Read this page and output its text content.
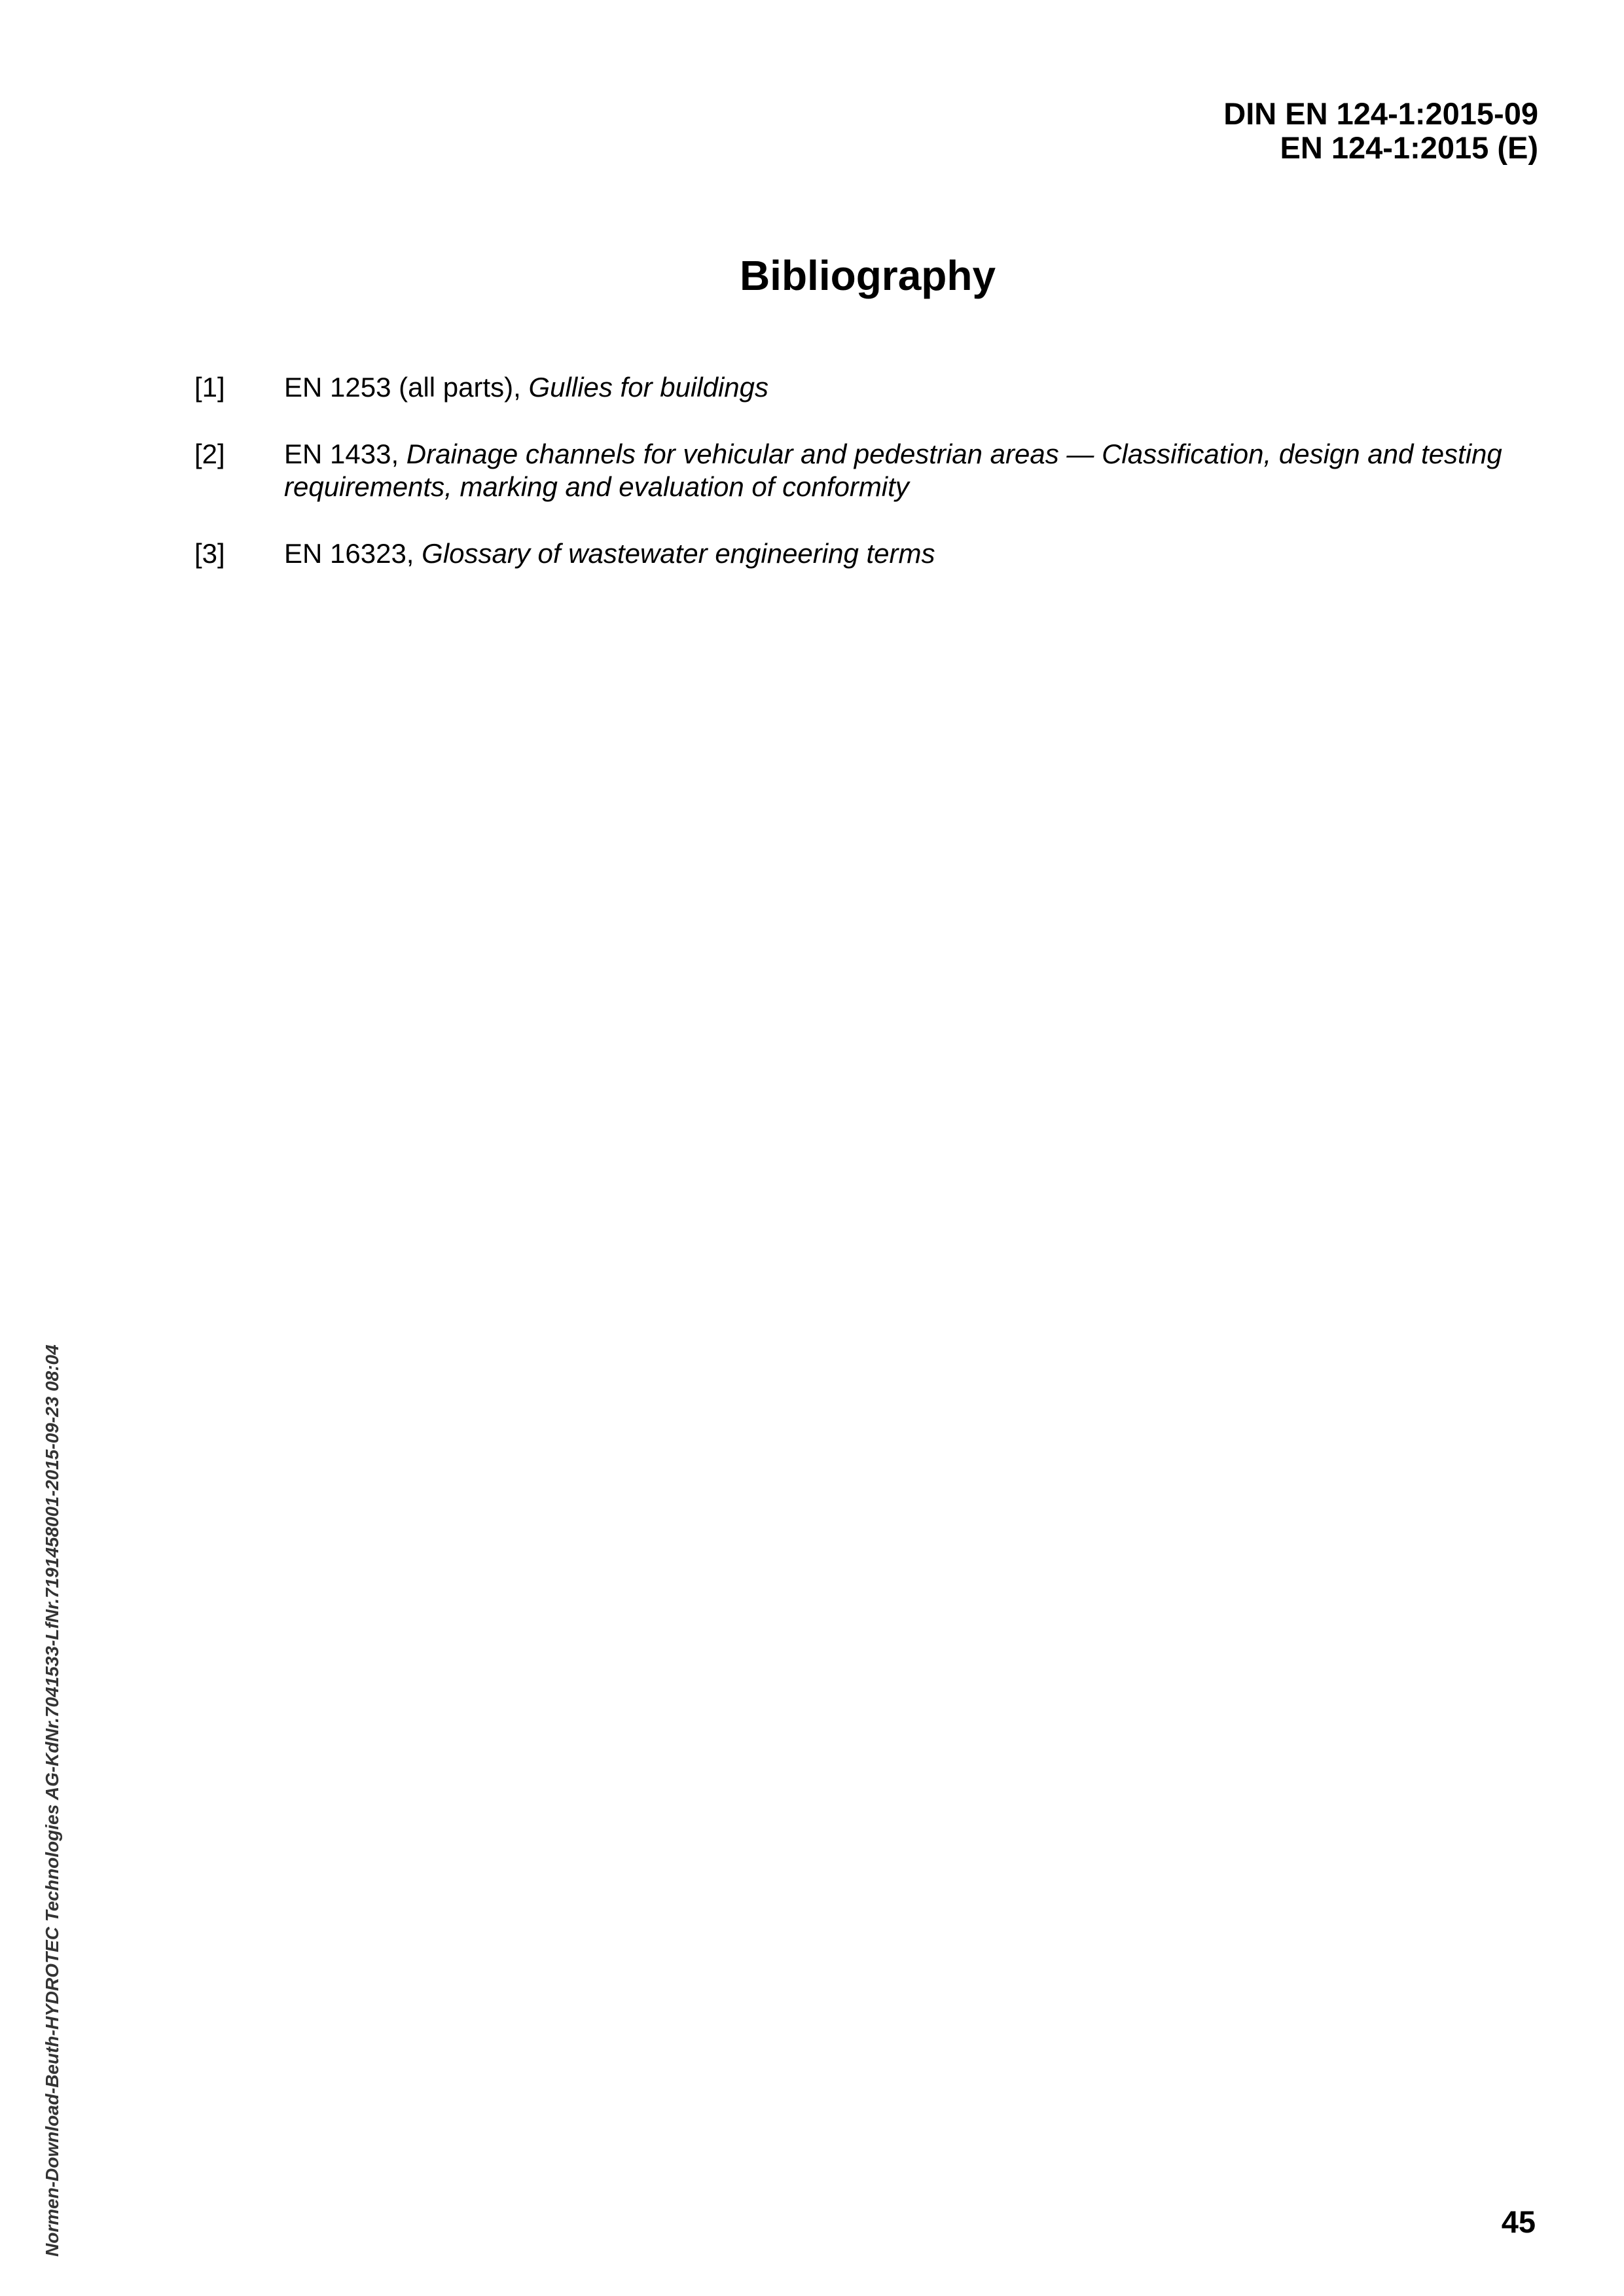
DIN EN 124-1:2015-09
EN 124-1:2015 (E)
Bibliography
[1] EN 1253 (all parts), Gullies for buildings
[2] EN 1433, Drainage channels for vehicular and pedestrian areas — Classification, design and testing requirements, marking and evaluation of conformity
[3] EN 16323, Glossary of wastewater engineering terms
Normen-Download-Beuth-HYDROTEC Technologies AG-KdNr.7041533-LfNr.7191458001-2015-09-23 08:04	45
